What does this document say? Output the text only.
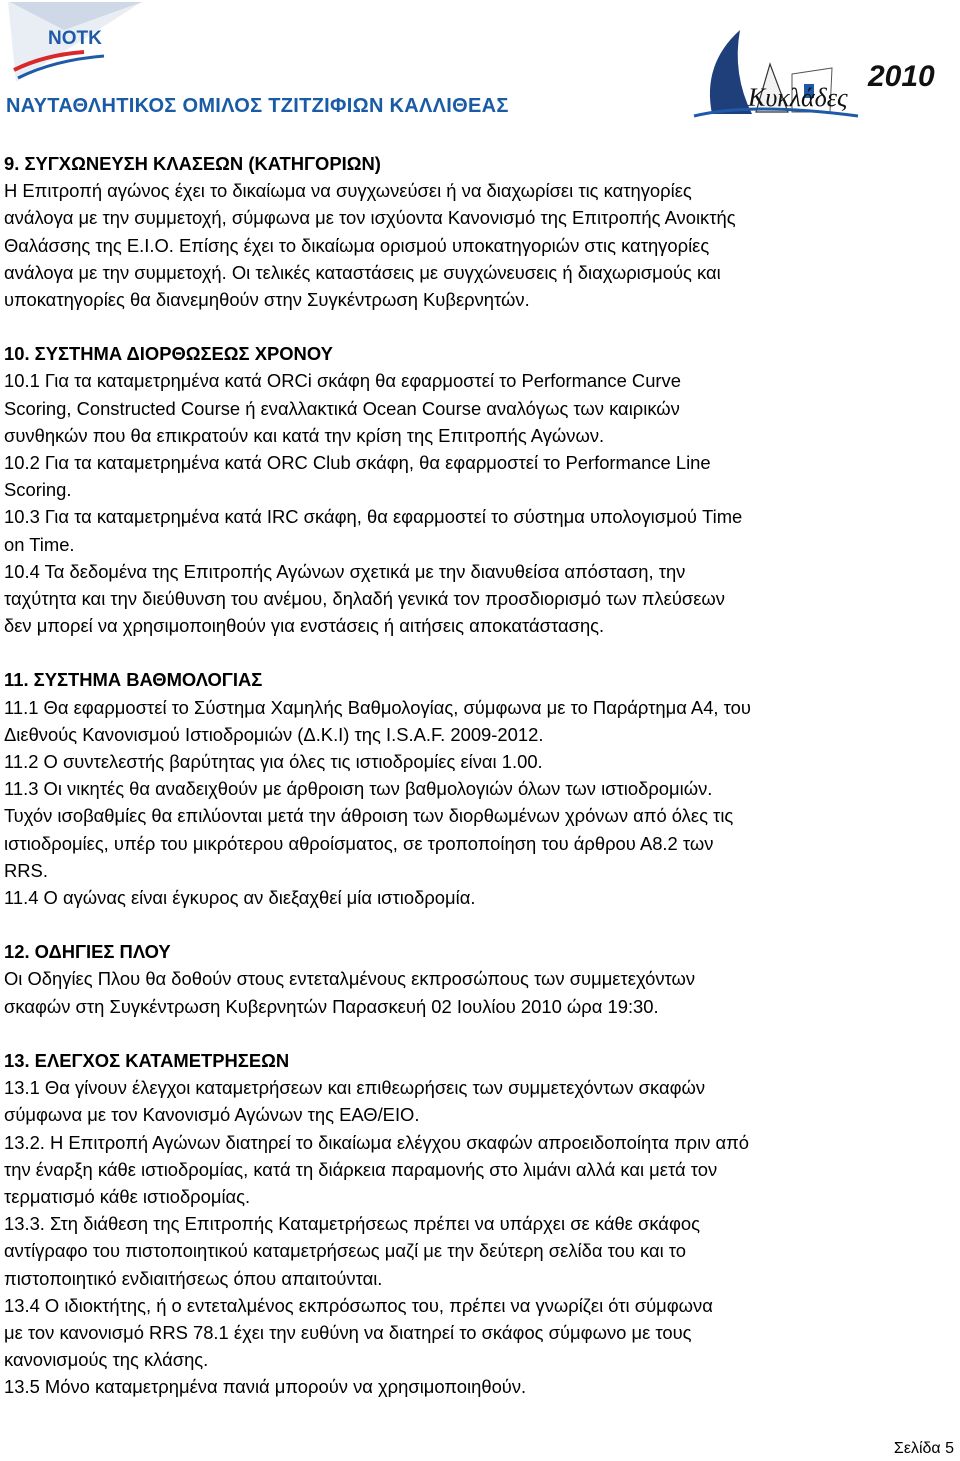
NOTK
ΝΑΥΤΑΘΛΗΤΙΚΟΣ ΟΜΙΛΟΣ ΤΖΙΤΖΙΦΙΩΝ ΚΑΛΛΙΘΕΑΣ	Κυκλάδες
2010

9. ΣΥΓΧΩΝΕΥΣΗ ΚΛΑΣΕΩΝ (ΚΑΤΗΓΟΡΙΩΝ)

Η Επιτροπή αγώνος έχει το δικαίωμα να συγχωνεύσει ή να διαχωρίσει τις κατηγορίες

ανάλογα με την συμμετοχή, σύμφωνα με τον ισχύοντα Κανονισμό της Επιτροπής Ανοικτής

Θαλάσσης της Ε.Ι.Ο. Επίσης έχει το δικαίωμα ορισμού υποκατηγοριών στις κατηγορίες

ανάλογα με την συμμετοχή. Οι τελικές καταστάσεις με συγχώνευσεις ή διαχωρισμούς και

υποκατηγορίες θα διανεμηθούν στην Συγκέντρωση Κυβερνητών.

10. ΣΥΣΤΗΜΑ ΔΙΟΡΘΩΣΕΩΣ ΧΡΟΝΟΥ

10.1 Για τα καταμετρημένα κατά ORCi σκάφη θα εφαρμοστεί το Performance Curve

Scoring, Constructed Course ή εναλλακτικά Ocean Course αναλόγως των καιρικών

συνθηκών που θα επικρατούν και κατά την κρίση της Επιτροπής Αγώνων.

10.2 Για τα καταμετρημένα κατά ORC Club σκάφη, θα εφαρμοστεί το Performance Line

Scoring.

10.3 Για τα καταμετρημένα κατά IRC σκάφη, θα εφαρμοστεί το σύστημα υπολογισμού Time

on Time.

10.4 Τα δεδομένα της Επιτροπής Αγώνων σχετικά με την διανυθείσα απόσταση, την

ταχύτητα και την διεύθυνση του ανέμου, δηλαδή γενικά τον προσδιορισμό των πλεύσεων

δεν μπορεί να χρησιμοποιηθούν για ενστάσεις ή αιτήσεις αποκατάστασης.

11. ΣΥΣΤΗΜΑ ΒΑΘΜΟΛΟΓΙΑΣ

11.1 Θα εφαρμοστεί το Σύστημα Χαμηλής Βαθμολογίας, σύμφωνα με το Παράρτημα Α4, του

Διεθνούς Κανονισμού Ιστιοδρομιών (Δ.Κ.Ι) της I.S.A.F. 2009-2012.

11.2 Ο συντελεστής βαρύτητας για όλες τις ιστιοδρομίες είναι 1.00.

11.3 Οι νικητές θα αναδειχθούν με άρθροιση των βαθμολογιών όλων των ιστιοδρομιών.

Τυχόν ισοβαθμίες θα επιλύονται μετά την άθροιση των διορθωμένων χρόνων από όλες τις

ιστιοδρομίες, υπέρ του μικρότερου αθροίσματος, σε τροποποίηση του άρθρου Α8.2 των

RRS.

11.4 Ο αγώνας είναι έγκυρος αν διεξαχθεί μία ιστιοδρομία.

12. ΟΔΗΓΙΕΣ ΠΛΟΥ

Οι Οδηγίες Πλου θα δοθούν στους εντεταλμένους εκπροσώπους των συμμετεχόντων

σκαφών στη Συγκέντρωση Κυβερνητών Παρασκευή 02 Ιουλίου 2010 ώρα 19:30.

13. ΕΛΕΓΧΟΣ ΚΑΤΑΜΕΤΡΗΣΕΩΝ

13.1 Θα γίνουν έλεγχοι καταμετρήσεων και επιθεωρήσεις των συμμετεχόντων σκαφών

σύμφωνα με τον Κανονισμό Αγώνων της ΕΑΘ/ΕΙΟ.

13.2. Η Επιτροπή Αγώνων διατηρεί το δικαίωμα ελέγχου σκαφών απροειδοποίητα πριν από

την έναρξη κάθε ιστιοδρομίας, κατά τη διάρκεια παραμονής στο λιμάνι αλλά και μετά τον

τερματισμό κάθε ιστιοδρομίας.

13.3. Στη διάθεση της Επιτροπής Καταμετρήσεως πρέπει να υπάρχει σε κάθε σκάφος

αντίγραφο του πιστοποιητικού καταμετρήσεως μαζί με την δεύτερη σελίδα του και το

πιστοποιητικό ενδιαιτήσεως όπου απαιτούνται.

13.4 Ο ιδιοκτήτης, ή ο εντεταλμένος εκπρόσωπος του, πρέπει να γνωρίζει ότι σύμφωνα

με τον κανονισμό RRS 78.1 έχει την ευθύνη να διατηρεί το σκάφος σύμφωνο με τους

κανονισμούς της κλάσης.

13.5 Μόνο καταμετρημένα πανιά μπορούν να χρησιμοποιηθούν.

Σελίδα 5
